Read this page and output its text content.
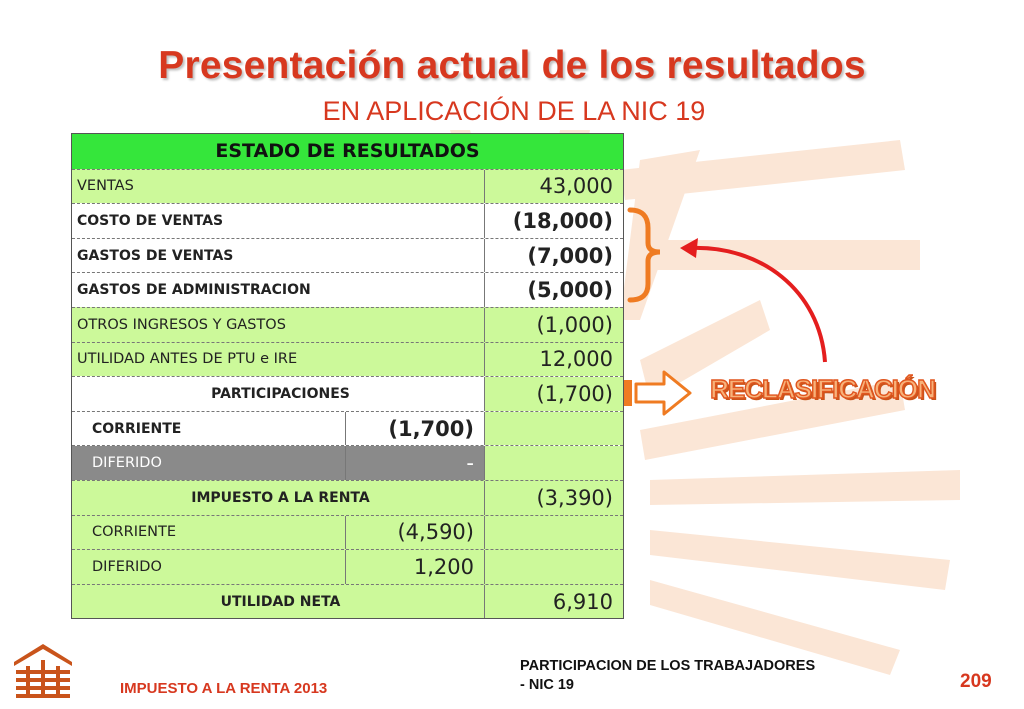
Presentación actual de los resultados
EN APLICACIÓN DE LA NIC 19
ESTADO DE RESULTADOS
VENTAS	43,000
COSTO DE VENTAS	(18,000)
GASTOS DE VENTAS	(7,000)
GASTOS DE ADMINISTRACION	(5,000)
OTROS INGRESOS Y GASTOS	(1,000)
UTILIDAD ANTES DE PTU e IRE	12,000
PARTICIPACIONES	(1,700)
CORRIENTE	(1,700)
DIFERIDO	-
IMPUESTO A LA RENTA	(3,390)
CORRIENTE	(4,590)
DIFERIDO	1,200
UTILIDAD NETA	6,910
RECLASIFICACIÓN
IMPUESTO A LA RENTA 2013
PARTICIPACION DE LOS TRABAJADORES
- NIC 19	209
